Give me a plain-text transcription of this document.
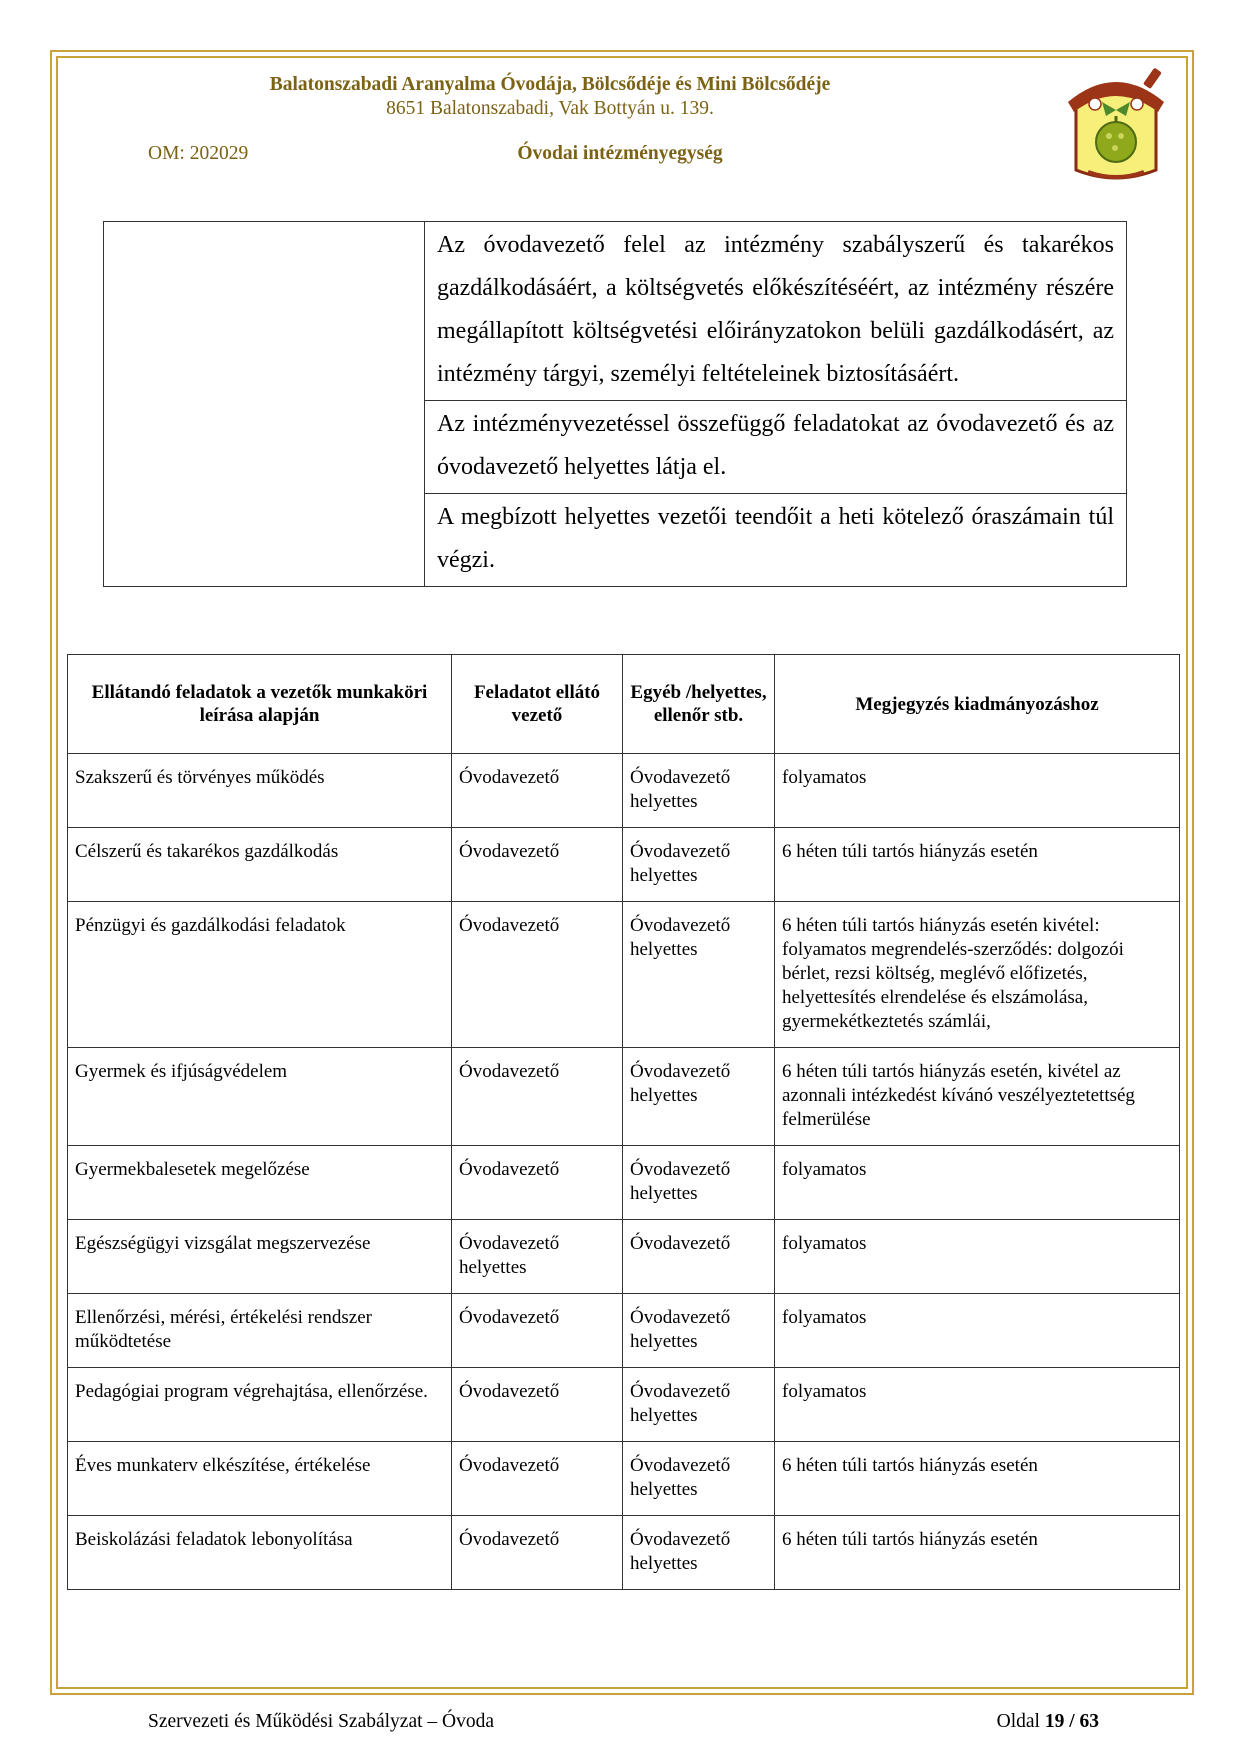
Balatonszabadi Aranyalma Óvodája, Bölcsődéje és Mini Bölcsődéje
8651 Balatonszabadi, Vak Bottyán u. 139.
OM: 202029	Óvodai intézményegység
	Az óvodavezető felel az intézmény szabályszerű és takarékos gazdálkodásáért, a költségvetés előkészítéséért, az intézmény részére megállapított költségvetési előirányzatokon belüli gazdálkodásért, az intézmény tárgyi, személyi feltételeinek biztosításáért.
Az intézményvezetéssel összefüggő feladatokat az óvodavezető és az óvodavezető helyettes látja el.
A megbízott helyettes vezetői teendőit a heti kötelező óraszámain túl végzi.
Ellátandó feladatok a vezetők munkaköri leírása alapján	Feladatot ellátó vezető	Egyéb /helyettes, ellenőr stb.	Megjegyzés kiadmányozáshoz
Szakszerű és törvényes működés	Óvodavezető	Óvodavezető helyettes	folyamatos
Célszerű és takarékos gazdálkodás	Óvodavezető	Óvodavezető helyettes	6 héten túli tartós hiányzás esetén
Pénzügyi és gazdálkodási feladatok	Óvodavezető	Óvodavezető helyettes	6 héten túli tartós hiányzás esetén kivétel: folyamatos megrendelés-szerződés: dolgozói bérlet, rezsi költség, meglévő előfizetés, helyettesítés elrendelése és elszámolása, gyermekétkeztetés számlái,
Gyermek és ifjúságvédelem	Óvodavezető	Óvodavezető helyettes	6 héten túli tartós hiányzás esetén, kivétel az azonnali intézkedést kívánó veszélyeztetettség felmerülése
Gyermekbalesetek megelőzése	Óvodavezető	Óvodavezető helyettes	folyamatos
Egészségügyi vizsgálat megszervezése	Óvodavezető helyettes	Óvodavezető	folyamatos
Ellenőrzési, mérési, értékelési rendszer működtetése	Óvodavezető	Óvodavezető helyettes	folyamatos
Pedagógiai program végrehajtása, ellenőrzése.	Óvodavezető	Óvodavezető helyettes	folyamatos
Éves munkaterv elkészítése, értékelése	Óvodavezető	Óvodavezető helyettes	6 héten túli tartós hiányzás esetén
Beiskolázási feladatok lebonyolítása	Óvodavezető	Óvodavezető helyettes	6 héten túli tartós hiányzás esetén
Szervezeti és Működési Szabályzat – Óvoda	Oldal 19 / 63
